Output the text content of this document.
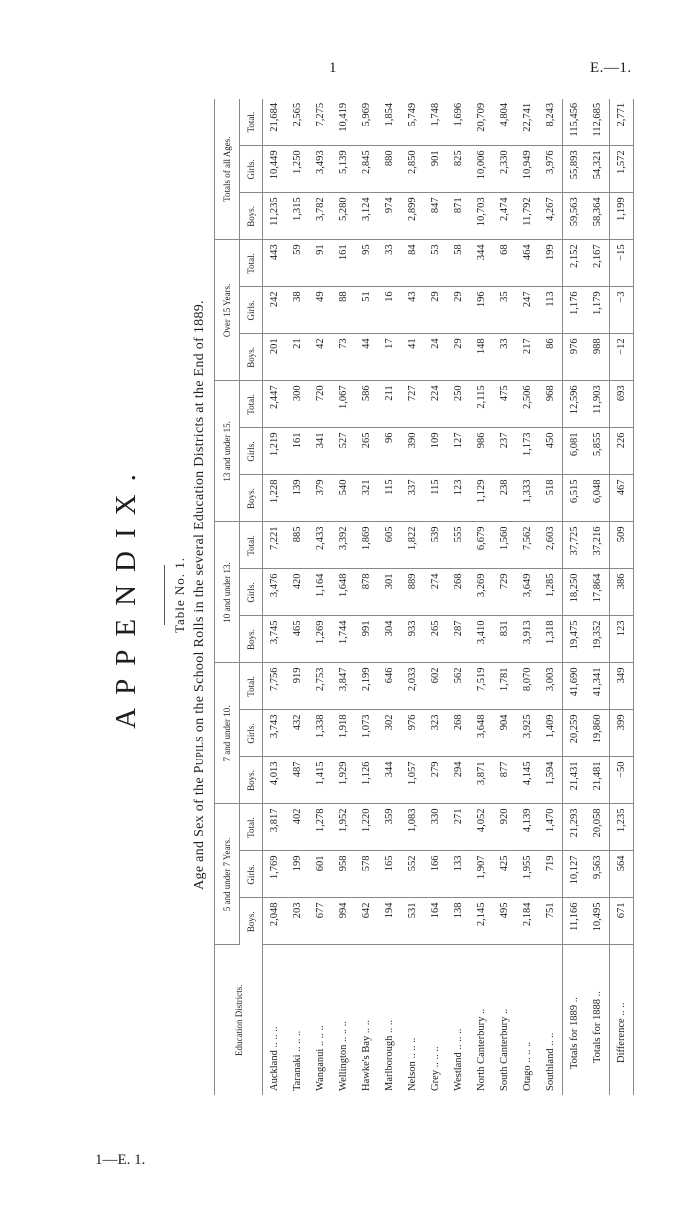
1	E.—1.
1—E. 1.
APPENDIX. Table No. 1.
Age and Sex of the Pupils on the School Rolls in the several Education Districts at the End of 1889.
Education Districts.	5 and under 7 Years.			7 and under 10.			10 and under 13.			13 and under 15.			Over 15 Years.			Totals of all Ages.		
	Boys.	Girls.	Total.	Boys.	Girls.	Total.	Boys.	Girls.	Total.	Boys.	Girls.	Total.	Boys.	Girls.	Total.	Boys.	Girls.	Total.
Auckland .. .. ..	2,048	1,769	3,817	4,013	3,743	7,756	3,745	3,476	7,221	1,228	1,219	2,447	201	242	443	11,235	10,449	21,684
Taranaki .. .. ..	203	199	402	487	432	919	465	420	885	139	161	300	21	38	59	1,315	1,250	2,565
Wanganui .. .. ..	677	601	1,278	1,415	1,338	2,753	1,269	1,164	2,433	379	341	720	42	49	91	3,782	3,493	7,275
Wellington .. .. ..	994	958	1,952	1,929	1,918	3,847	1,744	1,648	3,392	540	527	1,067	73	88	161	5,280	5,139	10,419
Hawke's Bay .. ..	642	578	1,220	1,126	1,073	2,199	991	878	1,869	321	265	586	44	51	95	3,124	2,845	5,969
Marlborough .. ..	194	165	359	344	302	646	304	301	605	115	96	211	17	16	33	974	880	1,854
Nelson .. .. ..	531	552	1,083	1,057	976	2,033	933	889	1,822	337	390	727	41	43	84	2,899	2,850	5,749
Grey .. .. ..	164	166	330	279	323	602	265	274	539	115	109	224	24	29	53	847	901	1,748
Westland .. .. ..	138	133	271	294	268	562	287	268	555	123	127	250	29	29	58	871	825	1,696
North Canterbury ..	2,145	1,907	4,052	3,871	3,648	7,519	3,410	3,269	6,679	1,129	986	2,115	148	196	344	10,703	10,006	20,709
South Canterbury ..	495	425	920	877	904	1,781	831	729	1,560	238	237	475	33	35	68	2,474	2,330	4,804
Otago .. .. ..	2,184	1,955	4,139	4,145	3,925	8,070	3,913	3,649	7,562	1,333	1,173	2,506	217	247	464	11,792	10,949	22,741
Southland .. ..	751	719	1,470	1,594	1,409	3,003	1,318	1,285	2,603	518	450	968	86	113	199	4,267	3,976	8,243
Totals for 1889 ..	11,166	10,127	21,293	21,431	20,259	41,690	19,475	18,250	37,725	6,515	6,081	12,596	976	1,176	2,152	59,563	55,893	115,456
Totals for 1888 ..	10,495	9,563	20,058	21,481	19,860	41,341	19,352	17,864	37,216	6,048	5,855	11,903	988	1,179	2,167	58,364	54,321	112,685
Difference .. ..	671	564	1,235	−50	399	349	123	386	509	467	226	693	−12	−3	−15	1,199	1,572	2,771
